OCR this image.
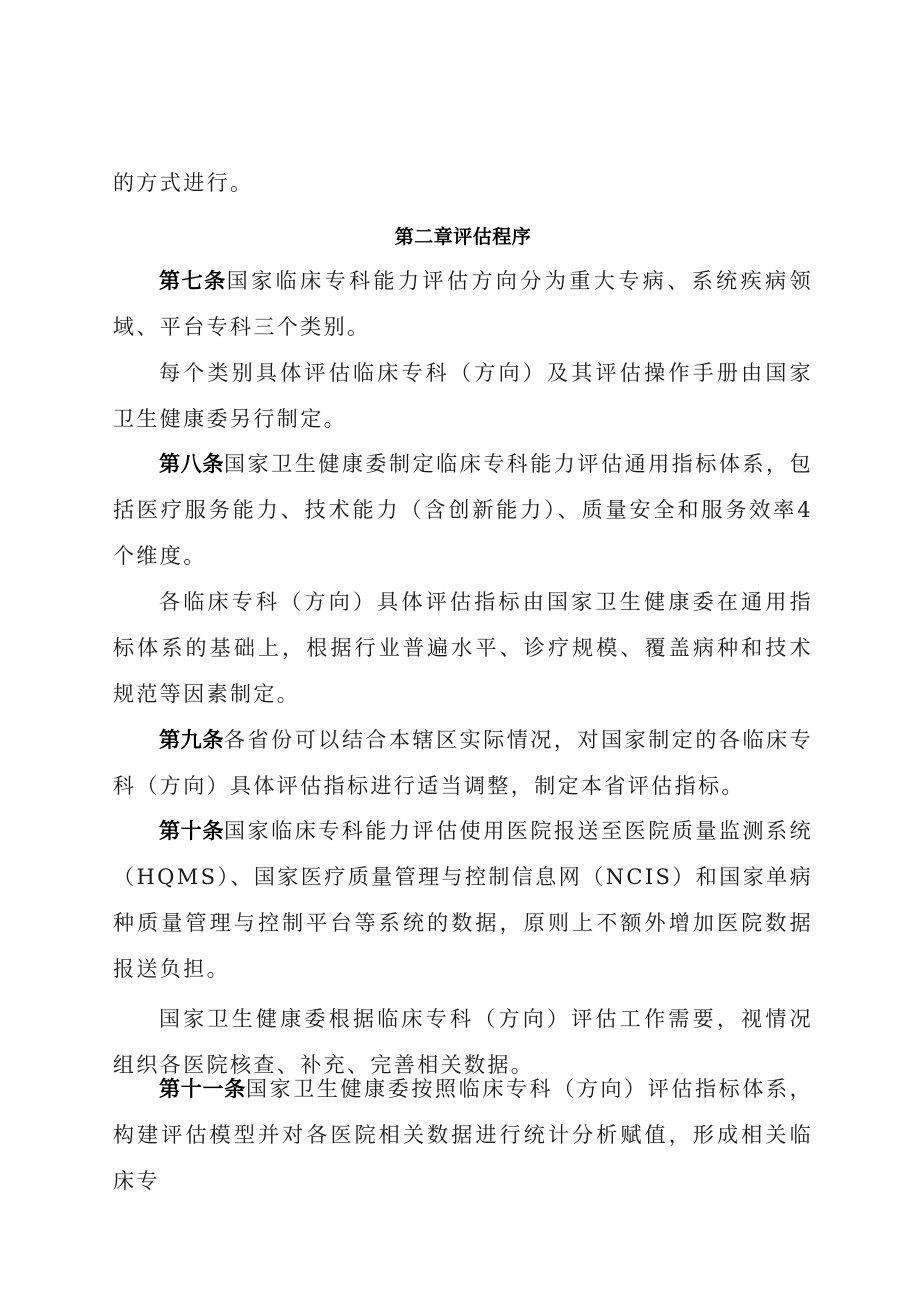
的方式进行。

第二章评估程序

第七条国家临床专科能力评估方向分为重大专病、系统疾病领域、平台专科三个类别。

每个类别具体评估临床专科（方向）及其评估操作手册由国家卫生健康委另行制定。

第八条国家卫生健康委制定临床专科能力评估通用指标体系，包括医疗服务能力、技术能力（含创新能力）、质量安全和服务效率4个维度。

各临床专科（方向）具体评估指标由国家卫生健康委在通用指标体系的基础上，根据行业普遍水平、诊疗规模、覆盖病种和技术规范等因素制定。

第九条各省份可以结合本辖区实际情况，对国家制定的各临床专科（方向）具体评估指标进行适当调整，制定本省评估指标。

第十条国家临床专科能力评估使用医院报送至医院质量监测系统（HQMS）、国家医疗质量管理与控制信息网（NCIS）和国家单病种质量管理与控制平台等系统的数据，原则上不额外增加医院数据报送负担。

国家卫生健康委根据临床专科（方向）评估工作需要，视情况组织各医院核查、补充、完善相关数据。

第十一条国家卫生健康委按照临床专科（方向）评估指标体系，构建评估模型并对各医院相关数据进行统计分析赋值，形成相关临床专
